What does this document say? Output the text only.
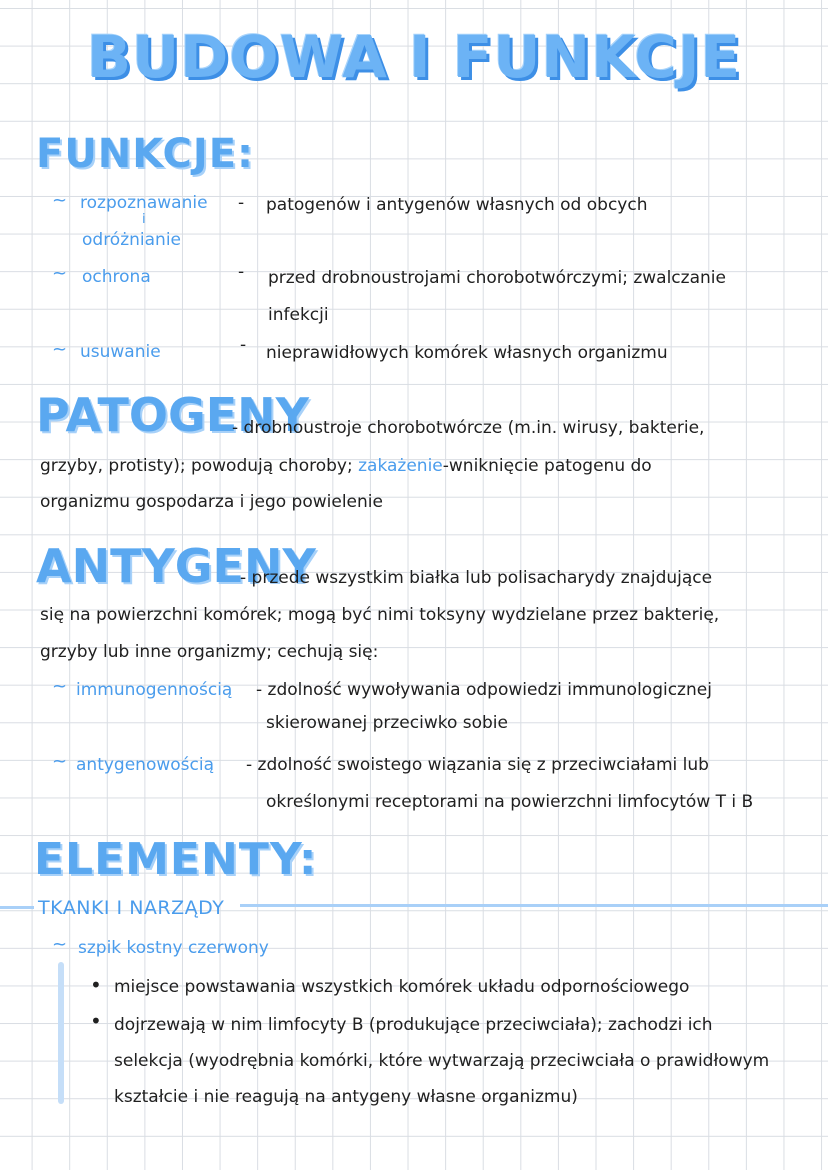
BUDOWA I FUNKCJE
FUNKCJE:
~ rozpoznawanie
i
odróżnianie
- patogenów i antygenów własnych od obcych
~ ochrona	- przed drobnoustrojami chorobotwórczymi; zwalczanie
infekcji
~ usuwanie	- nieprawidłowych komórek własnych organizmu
PATOGENY
- drobnoustroje chorobotwórcze (m.in. wirusy, bakterie,
grzyby, protisty); powodują choroby; zakażenie-wniknięcie patogenu do
organizmu gospodarza i jego powielenie
ANTYGENY
- przede wszystkim białka lub polisacharydy znajdujące
się na powierzchni komórek; mogą być nimi toksyny wydzielane przez bakterię,
grzyby lub inne organizmy; cechują się:
~ immunogennością - zdolność wywoływania odpowiedzi immunologicznej
skierowanej przeciwko sobie
~ antygenowością - zdolność swoistego wiązania się z przeciwciałami lub
określonymi receptorami na powierzchni limfocytów T i B
ELEMENTY:
TKANKI I NARZĄDY
~ szpik kostny czerwony
• miejsce powstawania wszystkich komórek układu odpornościowego
• dojrzewają w nim limfocyty B (produkujące przeciwciała); zachodzi ich
selekcja (wyodrębnia komórki, które wytwarzają przeciwciała o prawidłowym
kształcie i nie reagują na antygeny własne organizmu)
